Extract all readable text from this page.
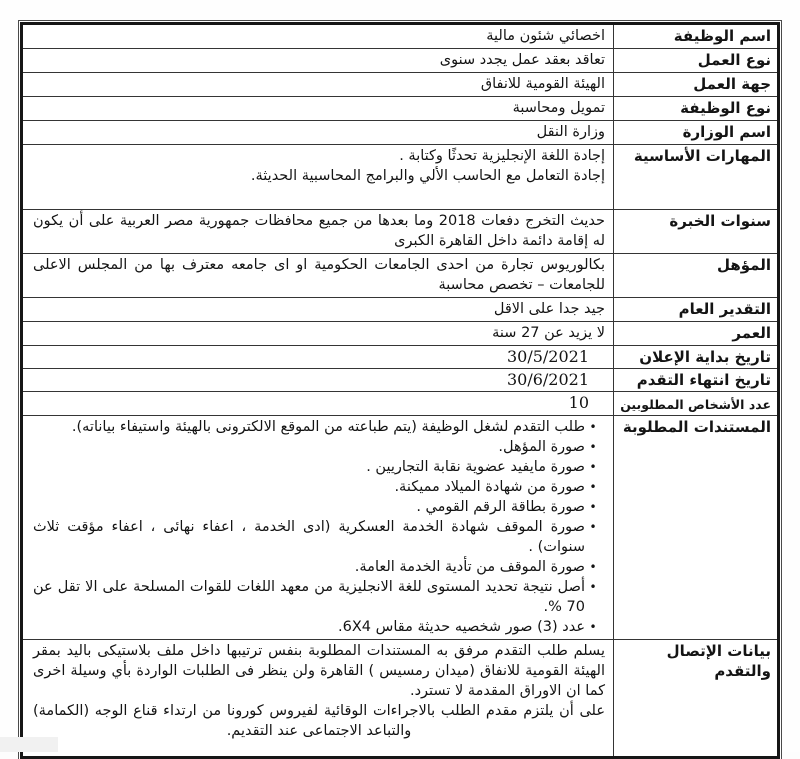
اسم الوظيفة
اخصائي شئون مالية
نوع العمل
تعاقد بعقد عمل يجدد سنوى
جهة العمل
الهيئة القومية للانفاق
نوع الوظيفة
تمويل ومحاسبة
اسم الوزارة
وزارة النقل
المهارات الأساسية
إجادة اللغة الإنجليزية تحدثًا وكتابة .
إجادة التعامل مع الحاسب الألي والبرامج المحاسبية الحديثة.
سنوات الخبرة
حديث التخرج دفعات 2018 وما بعدها من جميع محافظات جمهورية مصر العربية على أن يكون له إقامة دائمة داخل القاهرة الكبرى
المؤهل
بكالوريوس تجارة من احدى الجامعات الحكومية او اى جامعه معترف بها من المجلس الاعلى للجامعات – تخصص محاسبة
التقدير العام
جيد جدا على الاقل
العمر
لا يزيد عن 27 سنة
تاريخ بداية الإعلان
30/5/2021
تاريخ انتهاء التقدم
30/6/2021
عدد الأشخاص المطلوبين
10
المستندات المطلوبة
•
طلب التقدم لشغل الوظيفة (يتم طباعته من الموقع الالكترونى بالهيئة واستيفاء بياناته).
•
صورة المؤهل.
•
صورة مايفيد عضوية نقابة التجاريين .
•
صورة من شهادة الميلاد مميكنة.
•
صورة بطاقة الرقم القومي .
•
صورة الموقف شهادة الخدمة العسكرية (ادى الخدمة ، اعفاء نهائى ، اعفاء مؤقت ثلاث سنوات) .
•
صورة الموقف من تأدية الخدمة العامة.
•
أصل نتيجة تحديد المستوى للغة الانجليزية من معهد اللغات للقوات المسلحة على الا تقل عن 70 %.
•
عدد (3) صور شخصيه حديثة مقاس 6X4.
بيانات الإتصال والتقدم

يسلم طلب التقدم مرفق به المستندات المطلوبة بنفس ترتيبها داخل ملف بلاستيكى باليد بمقر الهيئة القومية للانفاق (ميدان رمسيس ) القاهرة ولن ينظر فى الطلبات الواردة بأي وسيلة اخرى كما ان الاوراق المقدمة لا تسترد.

على أن يلتزم مقدم الطلب بالاجراءات الوقائية لفيروس كورونا من ارتداء قناع الوجه (الكمامة) والتباعد الاجتماعى عند التقديم.
